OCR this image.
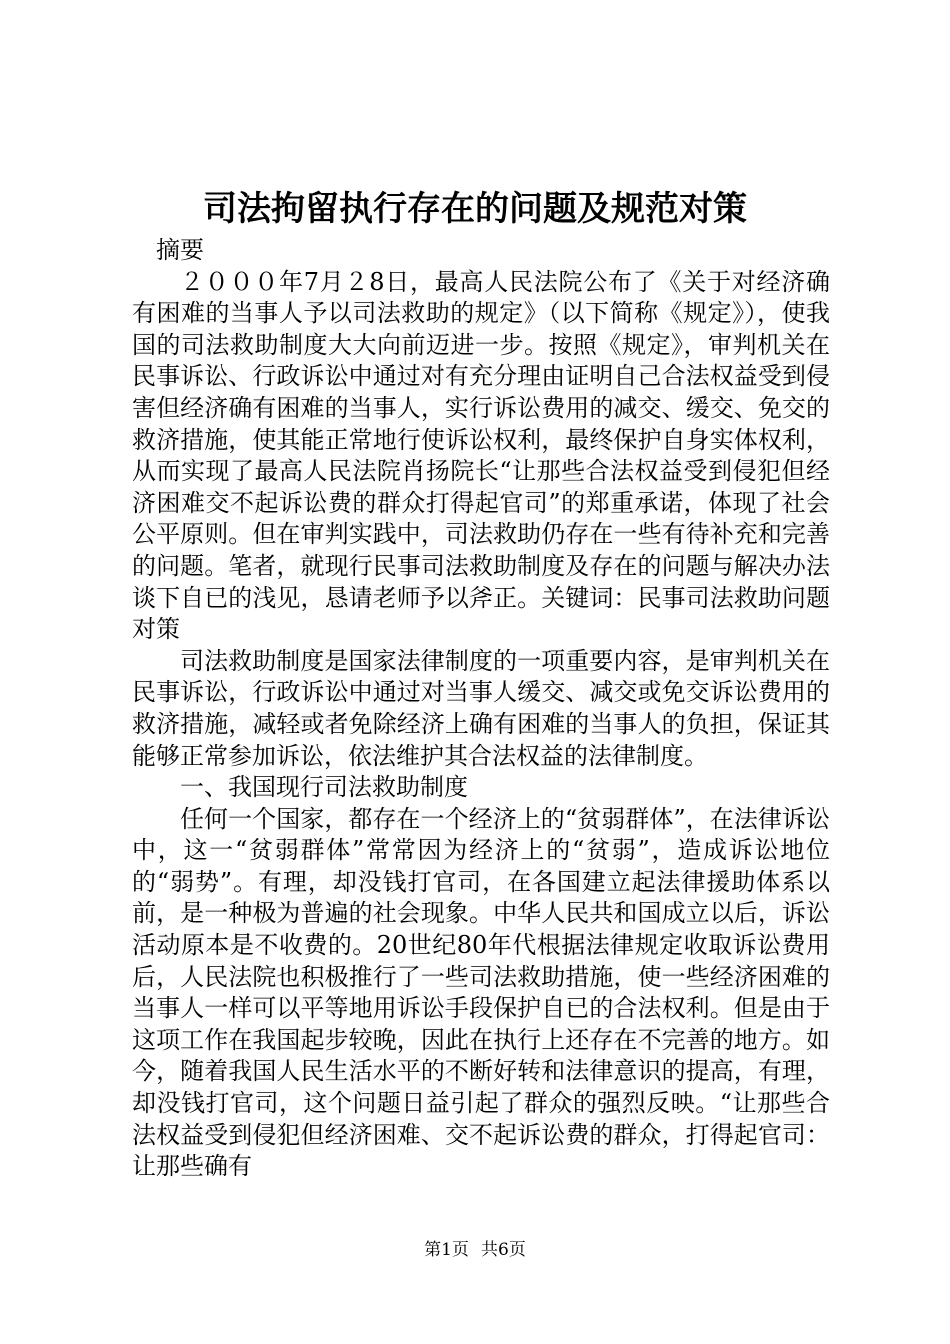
司法拘留执行存在的问题及规范对策

摘要

２０００年7月２8日，最高人民法院公布了《关于对经济确有困难的当事人予以司法救助的规定》（以下简称《规定》），使我国的司法救助制度大大向前迈进一步。按照《规定》，审判机关在民事诉讼、行政诉讼中通过对有充分理由证明自己合法权益受到侵害但经济确有困难的当事人，实行诉讼费用的减交、缓交、免交的救济措施，使其能正常地行使诉讼权利，最终保护自身实体权利，从而实现了最高人民法院肖扬院长“让那些合法权益受到侵犯但经济困难交不起诉讼费的群众打得起官司”的郑重承诺，体现了社会公平原则。但在审判实践中，司法救助仍存在一些有待补充和完善的问题。笔者，就现行民事司法救助制度及存在的问题与解决办法谈下自已的浅见，恳请老师予以斧正。关键词：民事司法救助问题对策

司法救助制度是国家法律制度的一项重要内容，是审判机关在民事诉讼，行政诉讼中通过对当事人缓交、减交或免交诉讼费用的救济措施，减轻或者免除经济上确有困难的当事人的负担，保证其能够正常参加诉讼，依法维护其合法权益的法律制度。

一、我国现行司法救助制度

任何一个国家，都存在一个经济上的“贫弱群体”，在法律诉讼中，这一“贫弱群体”常常因为经济上的“贫弱”，造成诉讼地位的“弱势”。有理，却没钱打官司，在各国建立起法律援助体系以前，是一种极为普遍的社会现象。中华人民共和国成立以后，诉讼活动原本是不收费的。20世纪80年代根据法律规定收取诉讼费用后，人民法院也积极推行了一些司法救助措施，使一些经济困难的当事人一样可以平等地用诉讼手段保护自已的合法权利。但是由于这项工作在我国起步较晚，因此在执行上还存在不完善的地方。如今，随着我国人民生活水平的不断好转和法律意识的提高，有理，却没钱打官司，这个问题日益引起了群众的强烈反映。“让那些合法权益受到侵犯但经济困难、交不起诉讼费的群众，打得起官司：让那些确有

第1页 共6页
